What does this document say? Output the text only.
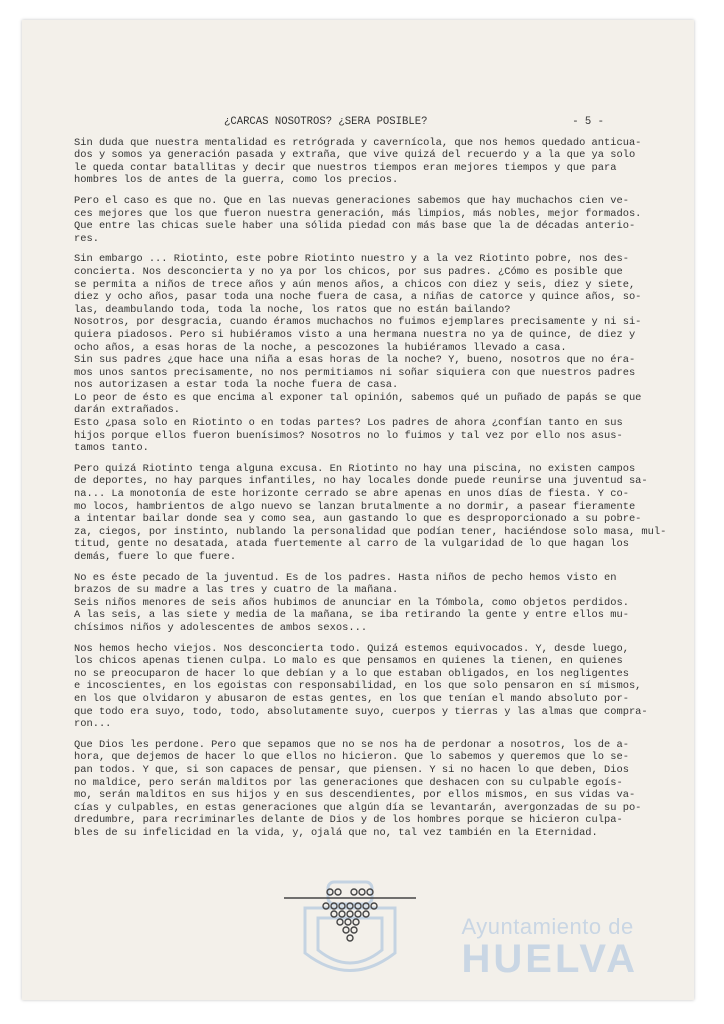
¿CARCAS NOSOTROS? ¿SERA POSIBLE?	- 5 -
Sin duda que nuestra mentalidad es retrógrada y cavernícola, que nos hemos quedado anticua-
dos y somos ya generación pasada y extraña, que vive quizá del recuerdo y a la que ya solo
le queda contar batallitas y decir que nuestros tiempos eran mejores tiempos y que para
hombres los de antes de la guerra, como los precios.
Pero el caso es que no. Que en las nuevas generaciones sabemos que hay muchachos cien ve-
ces mejores que los que fueron nuestra generación, más limpios, más nobles, mejor formados.
Que entre las chicas suele haber una sólida piedad con más base que la de décadas anterio-
res.
Sin embargo ... Riotinto, este pobre Riotinto nuestro y a la vez Riotinto pobre, nos des-
concierta. Nos desconcierta y no ya por los chicos, por sus padres. ¿Cómo es posible que
se permita a niños de trece años y aún menos años, a chicos con diez y seis, diez y siete,
diez y ocho años, pasar toda una noche fuera de casa, a niñas de catorce y quince años, so-
las, deambulando toda, toda la noche, los ratos que no están bailando?
Nosotros, por desgracia, cuando éramos muchachos no fuimos ejemplares precisamente y ni si-
quiera piadosos. Pero si hubiéramos visto a una hermana nuestra no ya de quince, de diez y
ocho años, a esas horas de la noche, a pescozones la hubiéramos llevado a casa.
Sin sus padres ¿que hace una niña a esas horas de la noche? Y, bueno, nosotros que no éra-
mos unos santos precisamente, no nos permitiamos ni soñar siquiera con que nuestros padres
nos autorizasen a estar toda la noche fuera de casa.
Lo peor de ésto es que encima al exponer tal opinión, sabemos qué un puñado de papás se que
darán extrañados.
Esto ¿pasa solo en Riotinto o en todas partes? Los padres de ahora ¿confían tanto en sus
hijos porque ellos fueron buenísimos? Nosotros no lo fuimos y tal vez por ello nos asus-
tamos tanto.
Pero quizá Riotinto tenga alguna excusa. En Riotinto no hay una piscina, no existen campos
de deportes, no hay parques infantiles, no hay locales donde puede reunirse una juventud sa-
na... La monotonía de este horizonte cerrado se abre apenas en unos días de fiesta. Y co-
mo locos, hambrientos de algo nuevo se lanzan brutalmente a no dormir, a pasear fieramente
a intentar bailar donde sea y como sea, aun gastando lo que es desproporcionado a su pobre-
za, ciegos, por instinto, nublando la personalidad que podían tener, haciéndose solo masa, mul-
titud, gente no desatada, atada fuertemente al carro de la vulgaridad de lo que hagan los
demás, fuere lo que fuere.
No es éste pecado de la juventud. Es de los padres. Hasta niños de pecho hemos visto en
brazos de su madre a las tres y cuatro de la mañana.
Seis niños menores de seis años hubimos de anunciar en la Tómbola, como objetos perdidos.
A las seis, a las siete y media de la mañana, se iba retirando la gente y entre ellos mu-
chísimos niños y adolescentes de ambos sexos...
Nos hemos hecho viejos. Nos desconcierta todo. Quizá estemos equivocados. Y, desde luego,
los chicos apenas tienen culpa. Lo malo es que pensamos en quienes la tienen, en quienes
no se preocuparon de hacer lo que debían y a lo que estaban obligados, en los negligentes
e incoscientes, en los egoistas con responsabilidad, en los que solo pensaron en sí mismos,
en los que olvidaron y abusaron de estas gentes, en los que tenían el mando absoluto por-
que todo era suyo, todo, todo, absolutamente suyo, cuerpos y tierras y las almas que compra-
ron...
Que Dios les perdone. Pero que sepamos que no se nos ha de perdonar a nosotros, los de a-
hora, que dejemos de hacer lo que ellos no hicieron. Que lo sabemos y queremos que lo se-
pan todos. Y que, si son capaces de pensar, que piensen. Y si no hacen lo que deben, Dios
no maldice, pero serán malditos por las generaciones que deshacen con su culpable egoís-
mo, serán malditos en sus hijos y en sus descendientes, por ellos mismos, en sus vidas va-
cías y culpables, en estas generaciones que algún día se levantarán, avergonzadas de su po-
dredumbre, para recriminarles delante de Dios y de los hombres porque se hicieron culpa-
bles de su infelicidad en la vida, y, ojalá que no, tal vez también en la Eternidad.
Ayuntamiento de
HUELVA
